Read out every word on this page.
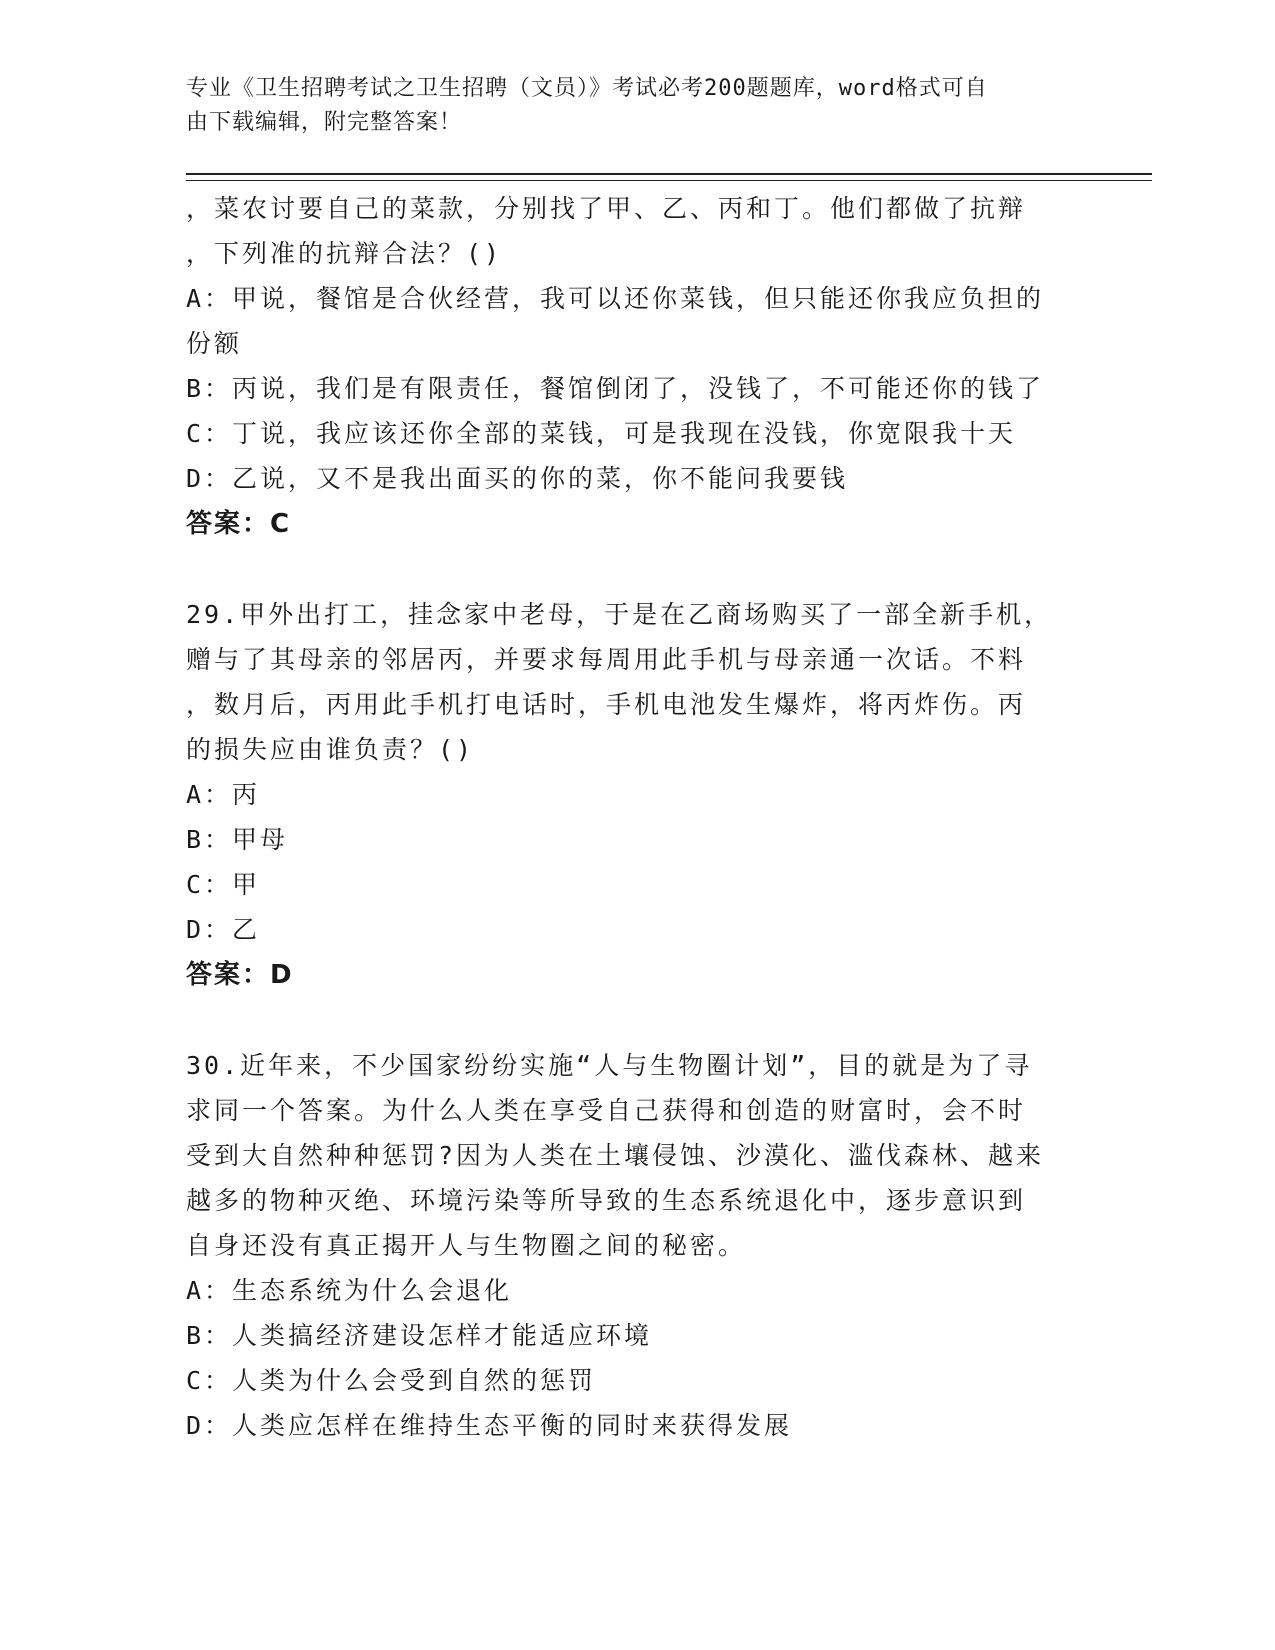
专业《卫生招聘考试之卫生招聘（文员）》考试必考200题题库，word格式可自
由下载编辑，附完整答案！
，菜农讨要自己的菜款，分别找了甲、乙、丙和丁。他们都做了抗辩
，下列准的抗辩合法？()
A：甲说，餐馆是合伙经营，我可以还你菜钱，但只能还你我应负担的
份额
B：丙说，我们是有限责任，餐馆倒闭了，没钱了，不可能还你的钱了
C：丁说，我应该还你全部的菜钱，可是我现在没钱，你宽限我十天
D：乙说，又不是我出面买的你的菜，你不能问我要钱
答案：C
29.甲外出打工，挂念家中老母，于是在乙商场购买了一部全新手机，
赠与了其母亲的邻居丙，并要求每周用此手机与母亲通一次话。不料
，数月后，丙用此手机打电话时，手机电池发生爆炸，将丙炸伤。丙
的损失应由谁负责？()
A：丙
B：甲母
C：甲
D：乙
答案：D
30.近年来，不少国家纷纷实施“人与生物圈计划”，目的就是为了寻
求同一个答案。为什么人类在享受自己获得和创造的财富时，会不时
受到大自然种种惩罚?因为人类在土壤侵蚀、沙漠化、滥伐森林、越来
越多的物种灭绝、环境污染等所导致的生态系统退化中，逐步意识到
自身还没有真正揭开人与生物圈之间的秘密。
A：生态系统为什么会退化
B：人类搞经济建设怎样才能适应环境
C：人类为什么会受到自然的惩罚
D：人类应怎样在维持生态平衡的同时来获得发展
